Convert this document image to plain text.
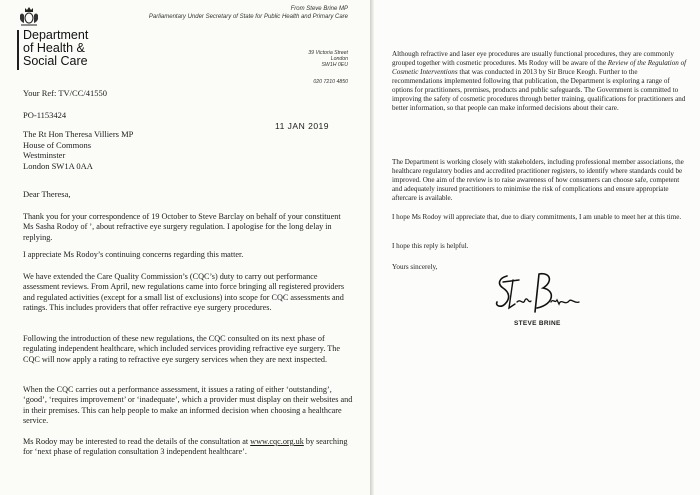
Department
of Health &
Social Care
From Steve Brine MP
Parliamentary Under Secretary of State for Public Health and Primary Care
39 Victoria Street
London
SW1H 0EU
020 7210 4850
Your Ref: TV/CC/41550
PO-1153424
11 JAN 2019
The Rt Hon Theresa Villiers MP
House of Commons
Westminster
London SW1A 0AA
Dear Theresa,
Thank you for your correspondence of 19 October to Steve Barclay on behalf of your constituent Ms Sasha Rodoy of ’, about refractive eye surgery regulation. I apologise for the long delay in replying.
I appreciate Ms Rodoy’s continuing concerns regarding this matter.
We have extended the Care Quality Commission’s (CQC’s) duty to carry out performance assessment reviews. From April, new regulations came into force bringing all registered providers and regulated activities (except for a small list of exclusions) into scope for CQC assessments and ratings. This includes providers that offer refractive eye surgery procedures.
Following the introduction of these new regulations, the CQC consulted on its next phase of regulating independent healthcare, which included services providing refractive eye surgery. The CQC will now apply a rating to refractive eye surgery services when they are next inspected.
When the CQC carries out a performance assessment, it issues a rating of either ‘outstanding’, ‘good’, ‘requires improvement’ or ‘inadequate’, which a provider must display on their websites and in their premises. This can help people to make an informed decision when choosing a healthcare service.
Ms Rodoy may be interested to read the details of the consultation at www.cqc.org.uk by searching for ‘next phase of regulation consultation 3 independent healthcare’.
Although refractive and laser eye procedures are usually functional procedures, they are commonly grouped together with cosmetic procedures. Ms Rodoy will be aware of the Review of the Regulation of Cosmetic Interventions that was conducted in 2013 by Sir Bruce Keogh. Further to the recommendations implemented following that publication, the Department is exploring a range of options for practitioners, premises, products and public safeguards. The Government is committed to improving the safety of cosmetic procedures through better training, qualifications for practitioners and better information, so that people can make informed decisions about their care.
The Department is working closely with stakeholders, including professional member associations, the healthcare regulatory bodies and accredited practitioner registers, to identify where standards could be improved. One aim of the review is to raise awareness of how consumers can choose safe, competent and adequately insured practitioners to minimise the risk of complications and ensure appropriate aftercare is available.
I hope Ms Rodoy will appreciate that, due to diary commitments, I am unable to meet her at this time.
I hope this reply is helpful.
Yours sincerely,
STEVE BRINE
